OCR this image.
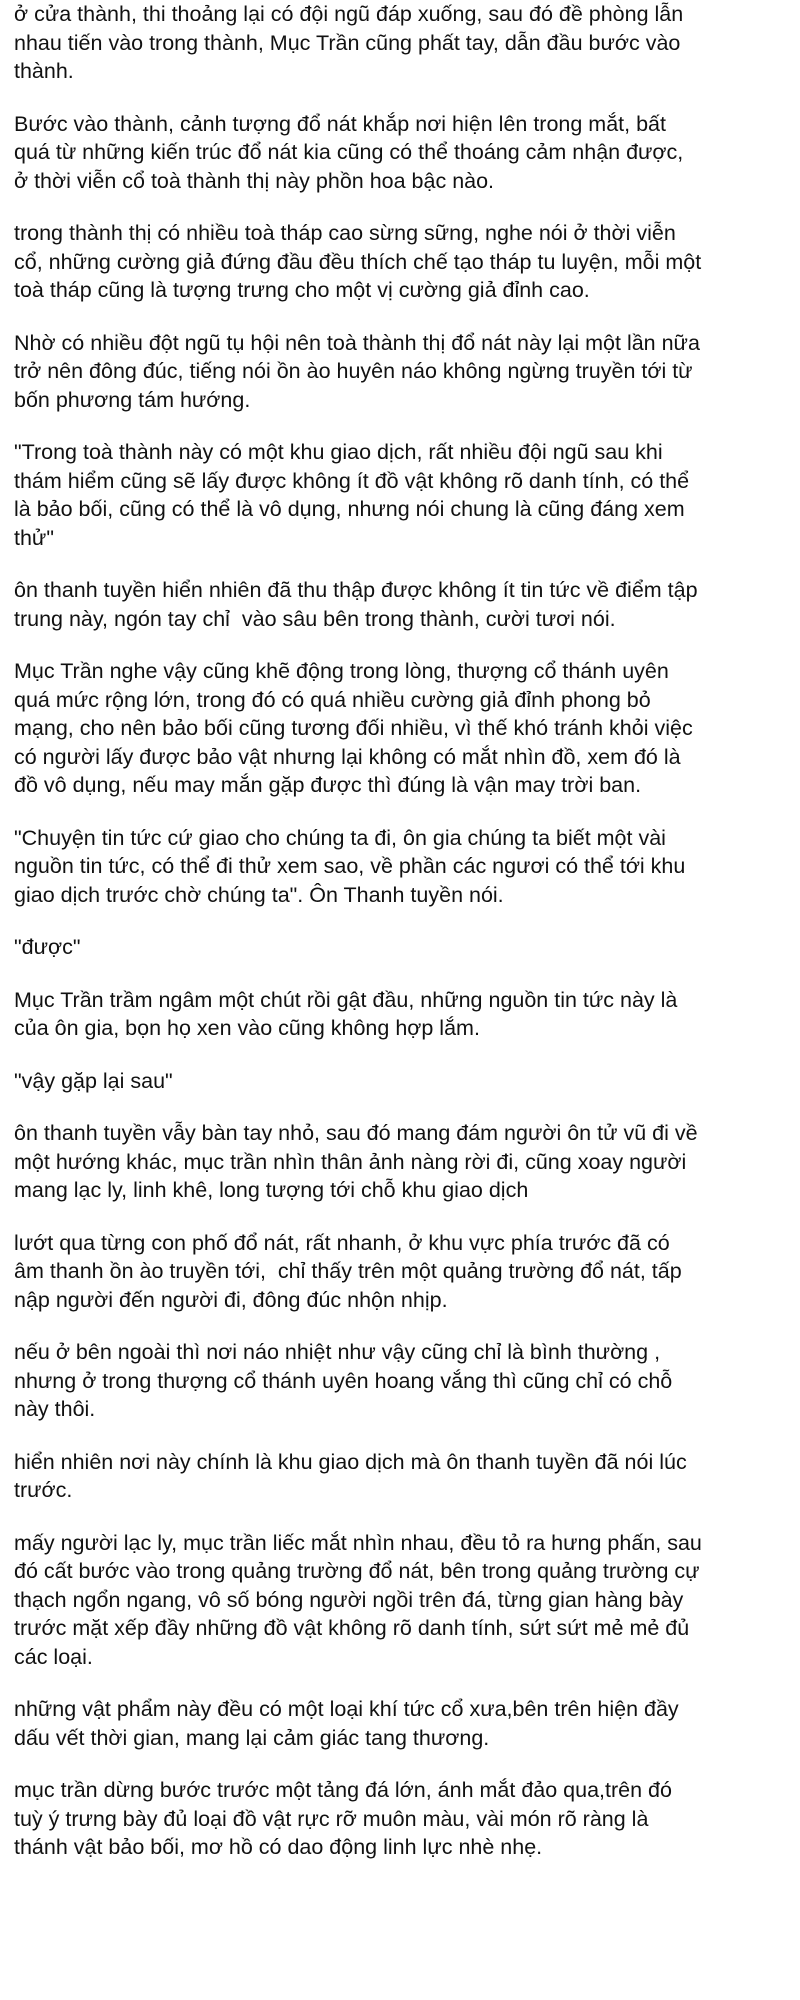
ở cửa thành, thi thoảng lại có đội ngũ đáp xuống, sau đó đề phòng lẫn
nhau tiến vào trong thành, Mục Trần cũng phất tay, dẫn đầu bước vào
thành.

Bước vào thành, cảnh tượng đổ nát khắp nơi hiện lên trong mắt, bất
quá từ những kiến trúc đổ nát kia cũng có thể thoáng cảm nhận được,
ở thời viễn cổ toà thành thị này phồn hoa bậc nào.

trong thành thị có nhiều toà tháp cao sừng sững, nghe nói ở thời viễn
cổ, những cường giả đứng đầu đều thích chế tạo tháp tu luyện, mỗi một
toà tháp cũng là tượng trưng cho một vị cường giả đỉnh cao.

Nhờ có nhiều đột ngũ tụ hội nên toà thành thị đổ nát này lại một lần nữa
trở nên đông đúc, tiếng nói ồn ào huyên náo không ngừng truyền tới từ
bốn phương tám hướng.

"Trong toà thành này có một khu giao dịch, rất nhiều đội ngũ sau khi
thám hiểm cũng sẽ lấy được không ít đồ vật không rõ danh tính, có thể
là bảo bối, cũng có thể là vô dụng, nhưng nói chung là cũng đáng xem
thử"

ôn thanh tuyền hiển nhiên đã thu thập được không ít tin tức về điểm tập
trung này, ngón tay chỉ  vào sâu bên trong thành, cười tươi nói.

Mục Trần nghe vậy cũng khẽ động trong lòng, thượng cổ thánh uyên
quá mức rộng lớn, trong đó có quá nhiều cường giả đỉnh phong bỏ
mạng, cho nên bảo bối cũng tương đối nhiều, vì thế khó tránh khỏi việc
có người lấy được bảo vật nhưng lại không có mắt nhìn đồ, xem đó là
đồ vô dụng, nếu may mắn gặp được thì đúng là vận may trời ban.

"Chuyện tin tức cứ giao cho chúng ta đi, ôn gia chúng ta biết một vài
nguồn tin tức, có thể đi thử xem sao, về phần các ngươi có thể tới khu
giao dịch trước chờ chúng ta". Ôn Thanh tuyền nói.

"được"

Mục Trần trầm ngâm một chút rồi gật đầu, những nguồn tin tức này là
của ôn gia, bọn họ xen vào cũng không hợp lắm.

"vậy gặp lại sau"

ôn thanh tuyền vẫy bàn tay nhỏ, sau đó mang đám người ôn tử vũ đi về
một hướng khác, mục trần nhìn thân ảnh nàng rời đi, cũng xoay người
mang lạc ly, linh khê, long tượng tới chỗ khu giao dịch

lướt qua từng con phố đổ nát, rất nhanh, ở khu vực phía trước đã có
âm thanh ồn ào truyền tới,  chỉ thấy trên một quảng trường đổ nát, tấp
nập người đến người đi, đông đúc nhộn nhịp.

nếu ở bên ngoài thì nơi náo nhiệt như vậy cũng chỉ là bình thường ,
nhưng ở trong thượng cổ thánh uyên hoang vắng thì cũng chỉ có chỗ
này thôi.

hiển nhiên nơi này chính là khu giao dịch mà ôn thanh tuyền đã nói lúc
trước.

mấy người lạc ly, mục trần liếc mắt nhìn nhau, đều tỏ ra hưng phấn, sau
đó cất bước vào trong quảng trường đổ nát, bên trong quảng trường cự
thạch ngổn ngang, vô số bóng người ngồi trên đá, từng gian hàng bày
trước mặt xếp đầy những đồ vật không rõ danh tính, sứt sứt mẻ mẻ đủ
các loại.

những vật phẩm này đều có một loại khí tức cổ xưa,bên trên hiện đầy
dấu vết thời gian, mang lại cảm giác tang thương.

mục trần dừng bước trước một tảng đá lớn, ánh mắt đảo qua,trên đó
tuỳ ý trưng bày đủ loại đồ vật rực rỡ muôn màu, vài món rõ ràng là
thánh vật bảo bối, mơ hồ có dao động linh lực nhè nhẹ.
